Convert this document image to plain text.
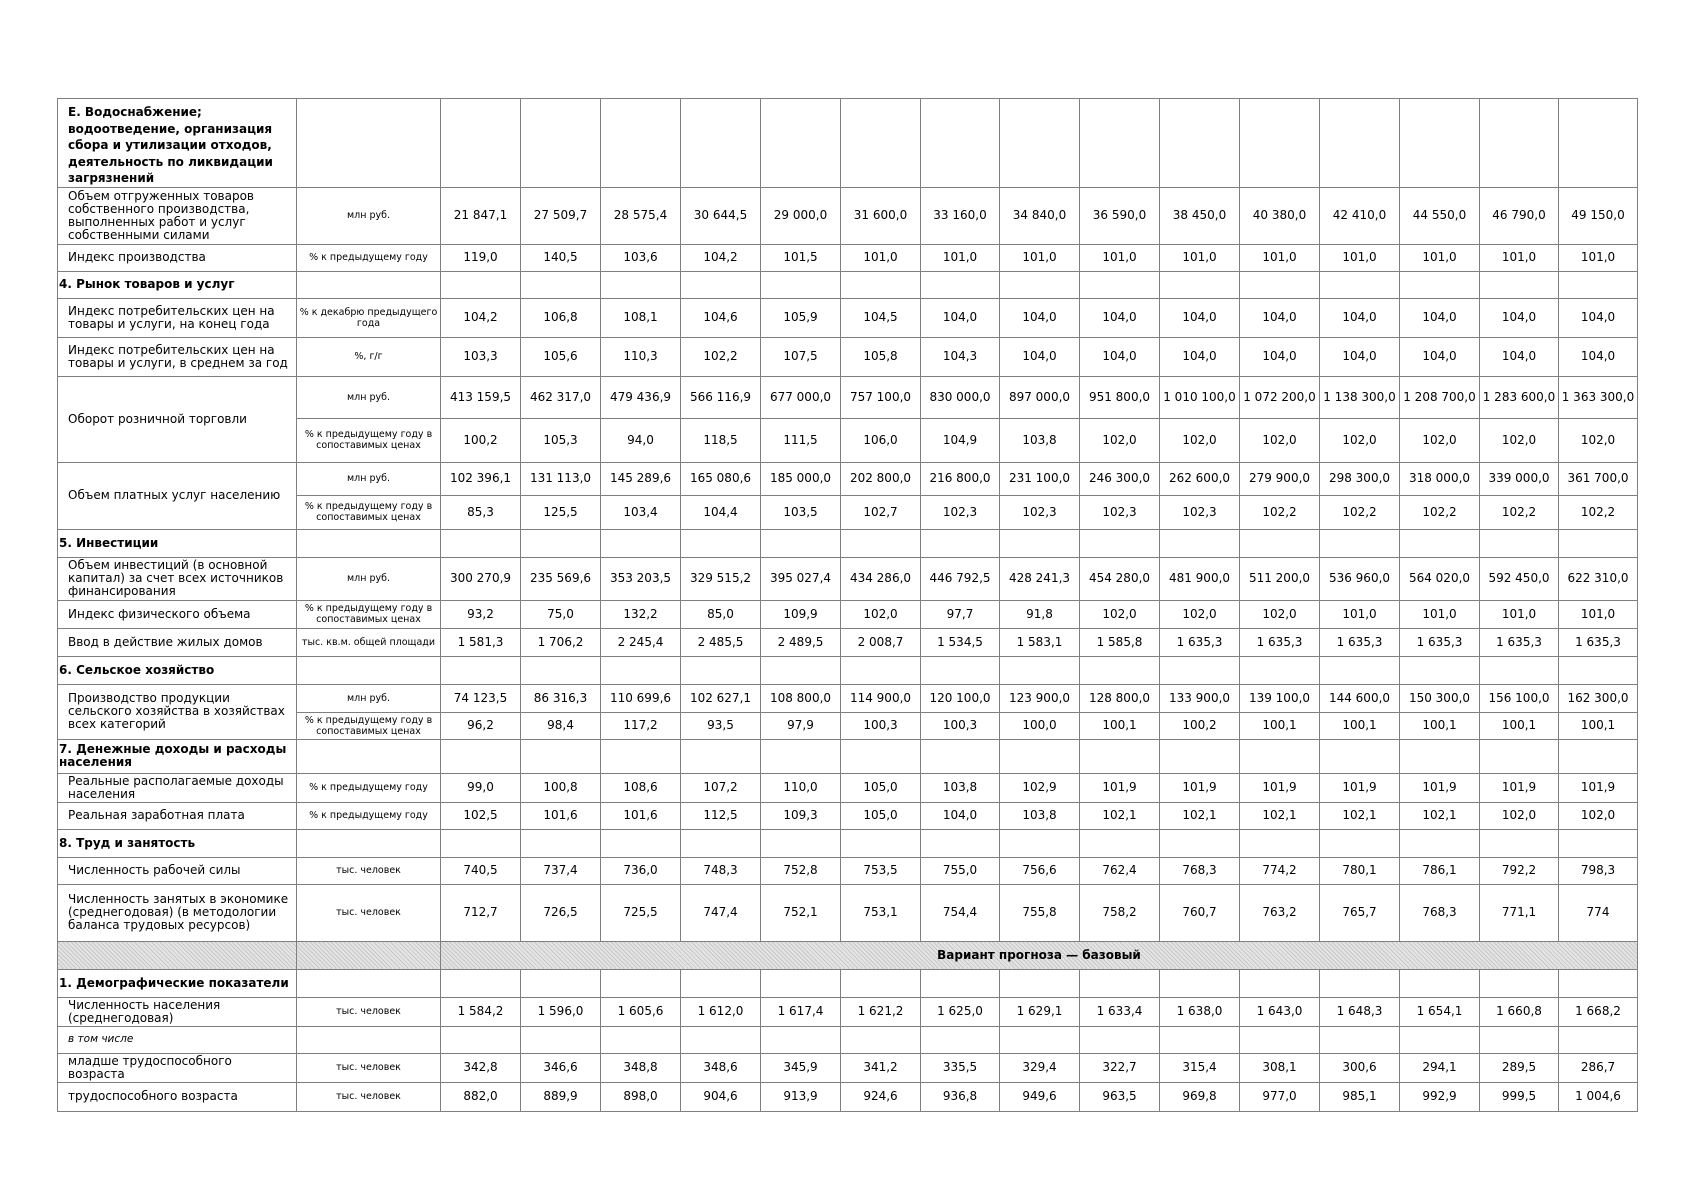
Е. Водоснабжение; водоотведение, организация сбора и утилизации отходов, деятельность по ликвидации загрязнений																
Объем отгруженных товаров собственного производства, выполненных работ и услуг собственными силами	млн руб.	21 847,1	27 509,7	28 575,4	30 644,5	29 000,0	31 600,0	33 160,0	34 840,0	36 590,0	38 450,0	40 380,0	42 410,0	44 550,0	46 790,0	49 150,0
Индекс производства	% к предыдущему году	119,0	140,5	103,6	104,2	101,5	101,0	101,0	101,0	101,0	101,0	101,0	101,0	101,0	101,0	101,0
4. Рынок товаров и услуг																
Индекс потребительских цен на товары и услуги, на конец года	% к декабрю предыдущего года	104,2	106,8	108,1	104,6	105,9	104,5	104,0	104,0	104,0	104,0	104,0	104,0	104,0	104,0	104,0
Индекс потребительских цен на товары и услуги, в среднем за год	%, г/г	103,3	105,6	110,3	102,2	107,5	105,8	104,3	104,0	104,0	104,0	104,0	104,0	104,0	104,0	104,0
Оборот розничной торговли	млн руб.	413 159,5	462 317,0	479 436,9	566 116,9	677 000,0	757 100,0	830 000,0	897 000,0	951 800,0	1 010 100,0	1 072 200,0	1 138 300,0	1 208 700,0	1 283 600,0	1 363 300,0
	% к предыдущему году в сопоставимых ценах	100,2	105,3	94,0	118,5	111,5	106,0	104,9	103,8	102,0	102,0	102,0	102,0	102,0	102,0	102,0
Объем платных услуг населению	млн руб.	102 396,1	131 113,0	145 289,6	165 080,6	185 000,0	202 800,0	216 800,0	231 100,0	246 300,0	262 600,0	279 900,0	298 300,0	318 000,0	339 000,0	361 700,0
	% к предыдущему году в сопоставимых ценах	85,3	125,5	103,4	104,4	103,5	102,7	102,3	102,3	102,3	102,3	102,2	102,2	102,2	102,2	102,2
5. Инвестиции																
Объем инвестиций (в основной капитал) за счет всех источников финансирования	млн руб.	300 270,9	235 569,6	353 203,5	329 515,2	395 027,4	434 286,0	446 792,5	428 241,3	454 280,0	481 900,0	511 200,0	536 960,0	564 020,0	592 450,0	622 310,0
Индекс физического объема	% к предыдущему году в сопоставимых ценах	93,2	75,0	132,2	85,0	109,9	102,0	97,7	91,8	102,0	102,0	102,0	101,0	101,0	101,0	101,0
Ввод в действие жилых домов	тыс. кв.м. общей площади	1 581,3	1 706,2	2 245,4	2 485,5	2 489,5	2 008,7	1 534,5	1 583,1	1 585,8	1 635,3	1 635,3	1 635,3	1 635,3	1 635,3	1 635,3
6. Сельское хозяйство																
Производство продукции сельского хозяйства в хозяйствах всех категорий	млн руб.	74 123,5	86 316,3	110 699,6	102 627,1	108 800,0	114 900,0	120 100,0	123 900,0	128 800,0	133 900,0	139 100,0	144 600,0	150 300,0	156 100,0	162 300,0
	% к предыдущему году в сопоставимых ценах	96,2	98,4	117,2	93,5	97,9	100,3	100,3	100,0	100,1	100,2	100,1	100,1	100,1	100,1	100,1
7. Денежные доходы и расходы населения																
Реальные располагаемые доходы населения	% к предыдущему году	99,0	100,8	108,6	107,2	110,0	105,0	103,8	102,9	101,9	101,9	101,9	101,9	101,9	101,9	101,9
Реальная заработная плата	% к предыдущему году	102,5	101,6	101,6	112,5	109,3	105,0	104,0	103,8	102,1	102,1	102,1	102,1	102,1	102,0	102,0
8. Труд и занятость																
Численность рабочей силы	тыс. человек	740,5	737,4	736,0	748,3	752,8	753,5	755,0	756,6	762,4	768,3	774,2	780,1	786,1	792,2	798,3
Численность занятых в экономике (среднегодовая) (в методологии баланса трудовых ресурсов)	тыс. человек	712,7	726,5	725,5	747,4	752,1	753,1	754,4	755,8	758,2	760,7	763,2	765,7	768,3	771,1	774
		Вариант прогноза — базовый														
1. Демографические показатели																
Численность населения (среднегодовая)	тыс. человек	1 584,2	1 596,0	1 605,6	1 612,0	1 617,4	1 621,2	1 625,0	1 629,1	1 633,4	1 638,0	1 643,0	1 648,3	1 654,1	1 660,8	1 668,2
в том числе																
младше трудоспособного возраста	тыс. человек	342,8	346,6	348,8	348,6	345,9	341,2	335,5	329,4	322,7	315,4	308,1	300,6	294,1	289,5	286,7
трудоспособного возраста	тыс. человек	882,0	889,9	898,0	904,6	913,9	924,6	936,8	949,6	963,5	969,8	977,0	985,1	992,9	999,5	1 004,6
